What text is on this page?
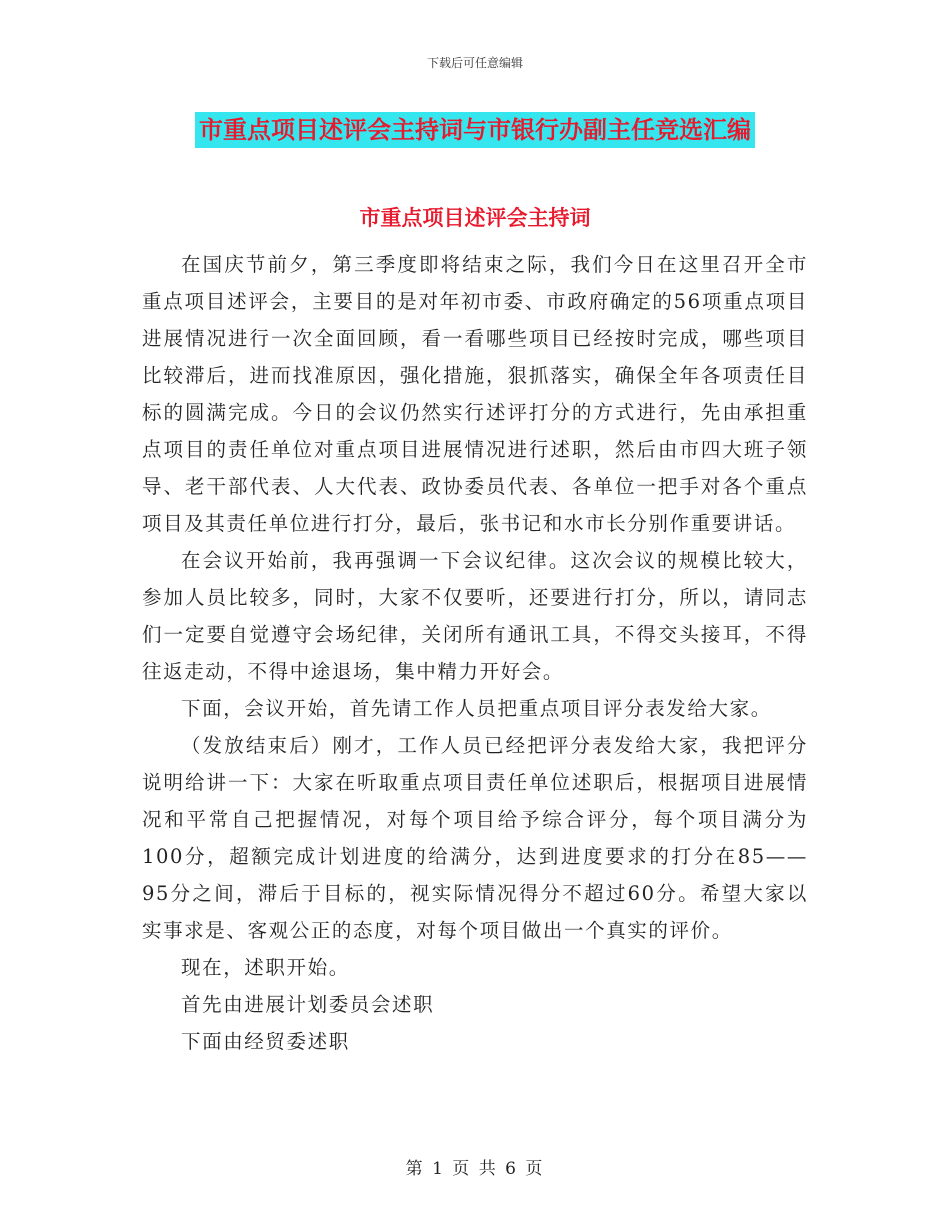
下载后可任意编辑
市重点项目述评会主持词与市银行办副主任竞选汇编
市重点项目述评会主持词

在国庆节前夕，第三季度即将结束之际，我们今日在这里召开全市重点项目述评会，主要目的是对年初市委、市政府确定的56项重点项目进展情况进行一次全面回顾，看一看哪些项目已经按时完成，哪些项目比较滞后，进而找准原因，强化措施，狠抓落实，确保全年各项责任目标的圆满完成。今日的会议仍然实行述评打分的方式进行，先由承担重点项目的责任单位对重点项目进展情况进行述职，然后由市四大班子领导、老干部代表、人大代表、政协委员代表、各单位一把手对各个重点项目及其责任单位进行打分，最后，张书记和水市长分别作重要讲话。

在会议开始前，我再强调一下会议纪律。这次会议的规模比较大，参加人员比较多，同时，大家不仅要听，还要进行打分，所以，请同志们一定要自觉遵守会场纪律，关闭所有通讯工具，不得交头接耳，不得往返走动，不得中途退场，集中精力开好会。

下面，会议开始，首先请工作人员把重点项目评分表发给大家。

（发放结束后）刚才，工作人员已经把评分表发给大家，我把评分说明给讲一下：大家在听取重点项目责任单位述职后，根据项目进展情况和平常自己把握情况，对每个项目给予综合评分，每个项目满分为100分，超额完成计划进度的给满分，达到进度要求的打分在85——95分之间，滞后于目标的，视实际情况得分不超过60分。希望大家以实事求是、客观公正的态度，对每个项目做出一个真实的评价。

现在，述职开始。

首先由进展计划委员会述职

下面由经贸委述职

第 1 页 共 6 页
